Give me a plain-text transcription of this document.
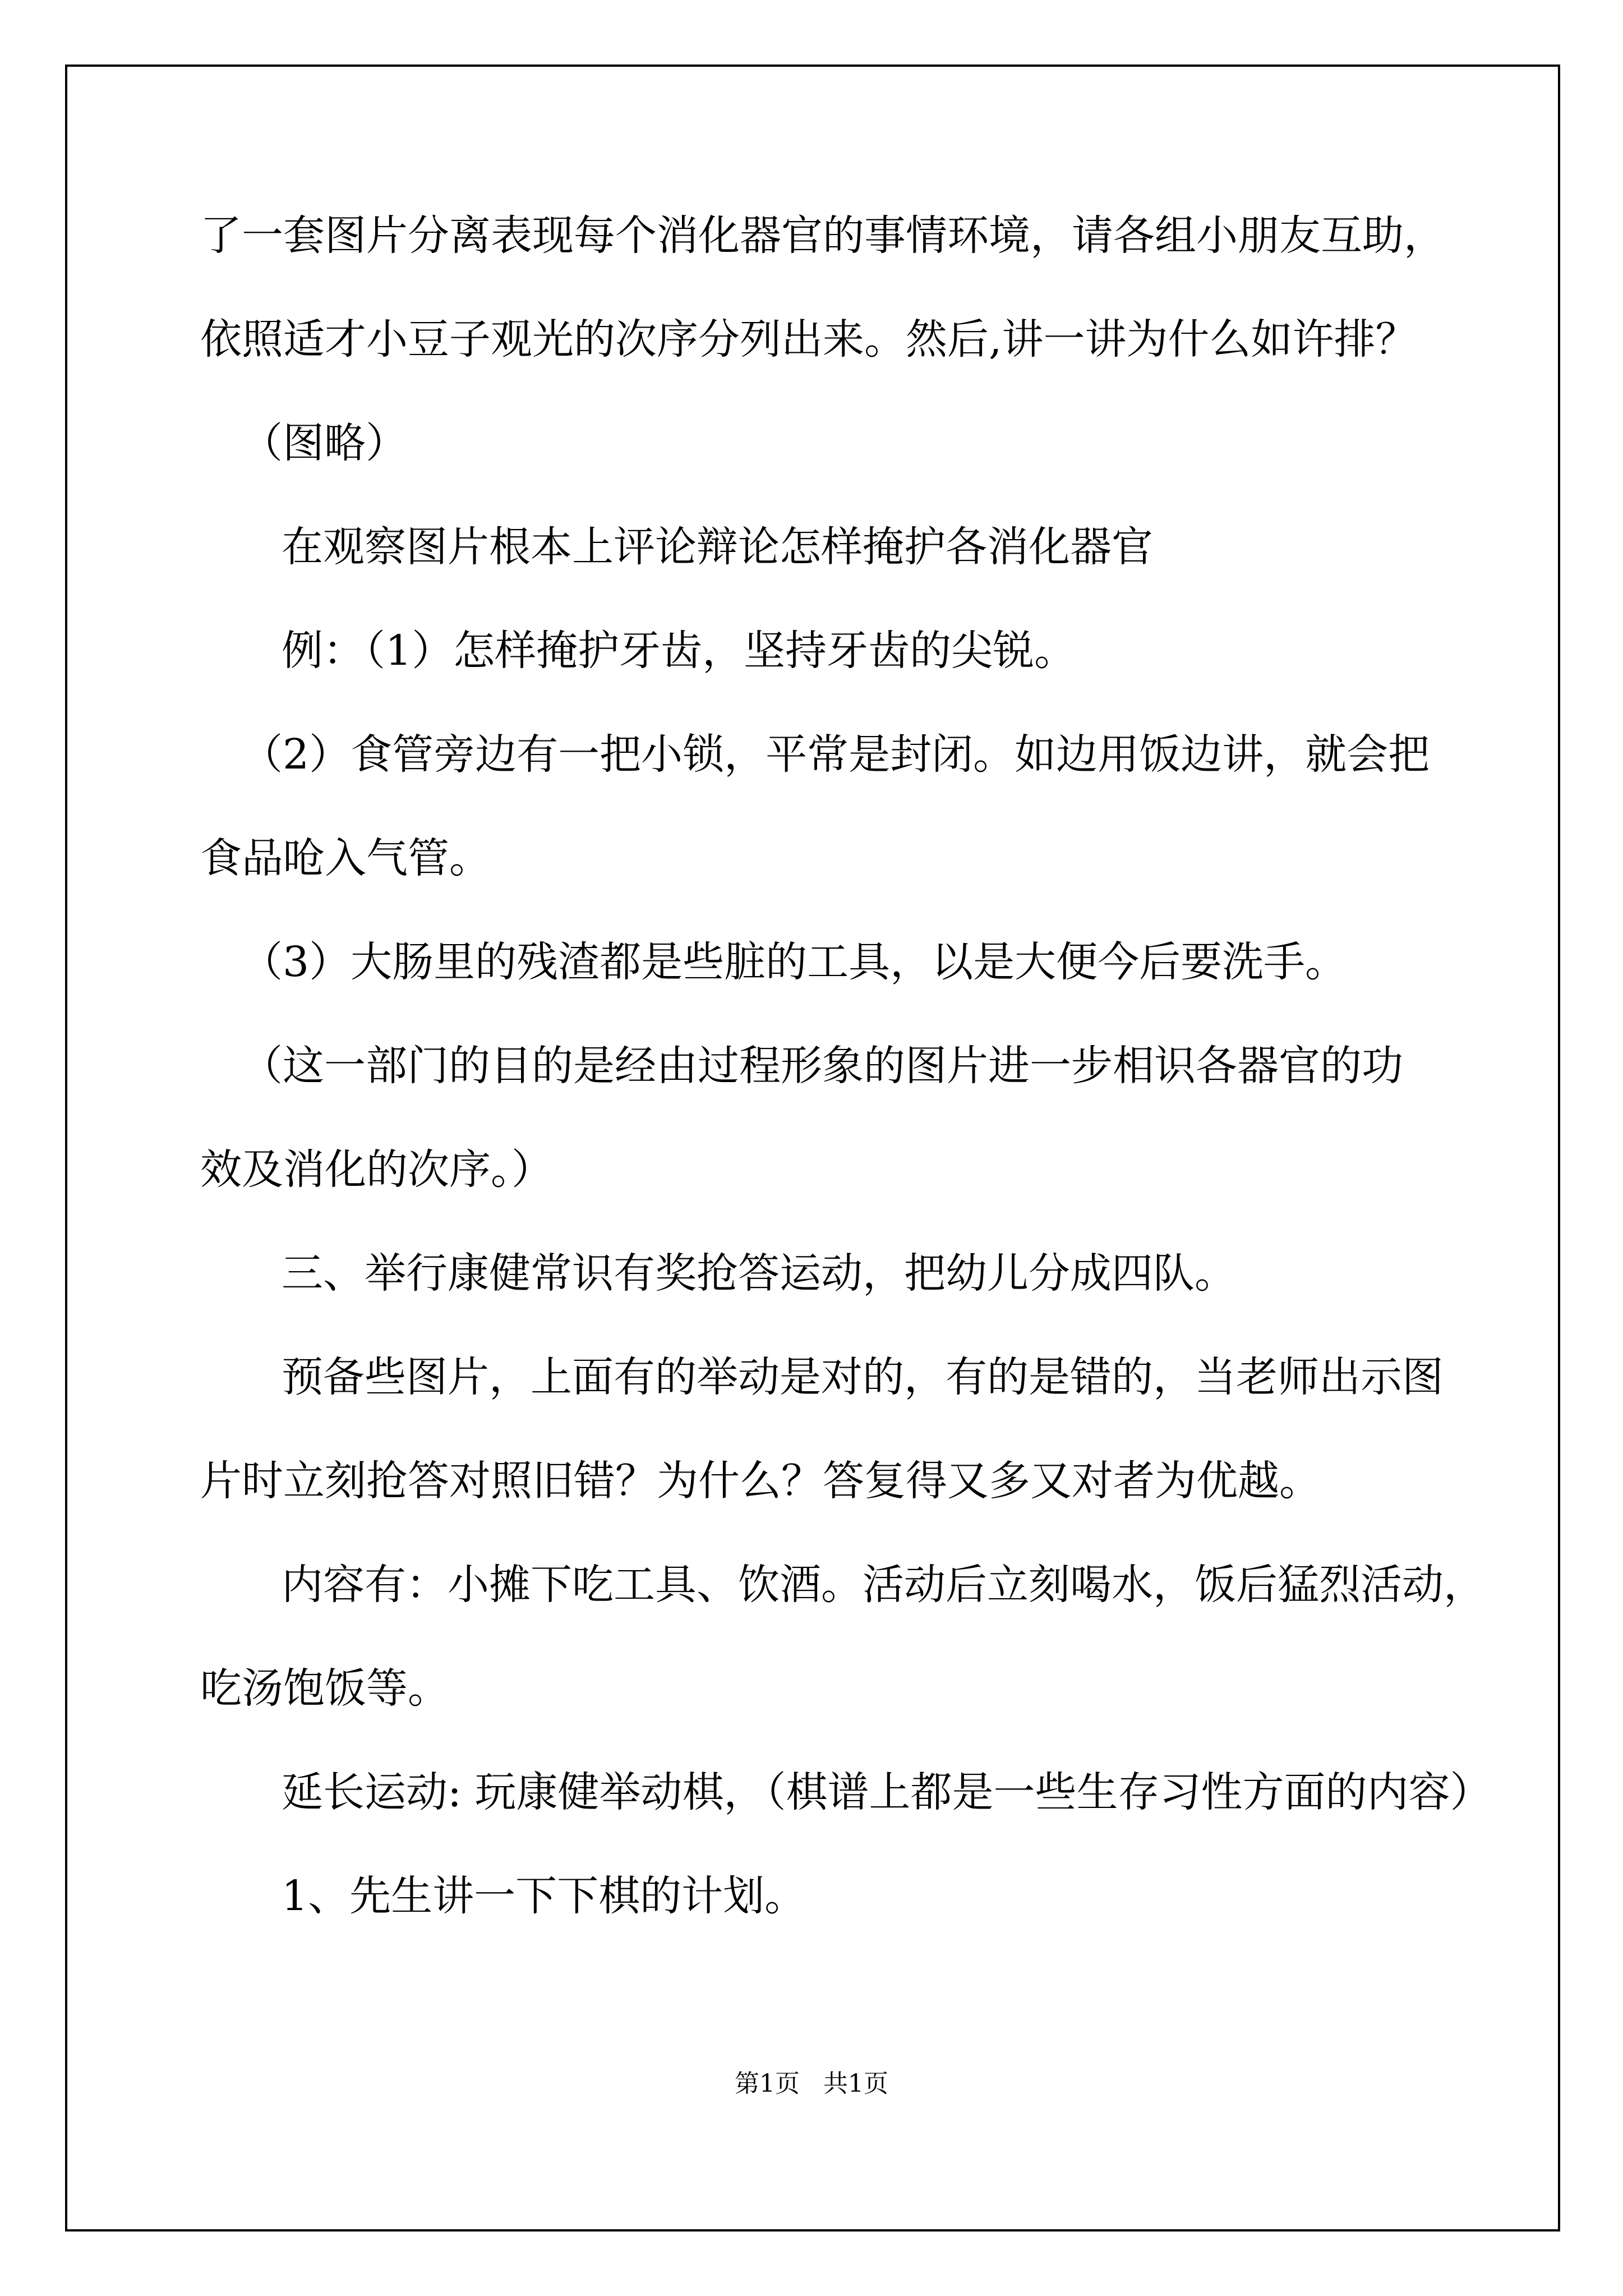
了一套图片分离表现每个消化器官的事情环境，请各组小朋友互助，
依照适才小豆子观光的次序分列出来。然后,讲一讲为什么如许排？
（图略）
在观察图片根本上评论辩论怎样掩护各消化器官
例：（1）怎样掩护牙齿，坚持牙齿的尖锐。
（2）食管旁边有一把小锁，平常是封闭。如边用饭边讲，就会把
食品呛入气管。
（3）大肠里的残渣都是些脏的工具，以是大便今后要洗手。
（这一部门的目的是经由过程形象的图片进一步相识各器官的功
效及消化的次序。）
三、举行康健常识有奖抢答运动，把幼儿分成四队。
预备些图片，上面有的举动是对的，有的是错的，当老师出示图
片时立刻抢答对照旧错？为什么？答复得又多又对者为优越。
内容有：小摊下吃工具、饮酒。活动后立刻喝水，饭后猛烈活动，
吃汤饱饭等。
延长运动: 玩康健举动棋，（棋谱上都是一些生存习性方面的内容）
1、先生讲一下下棋的计划。
第1页   共1页
